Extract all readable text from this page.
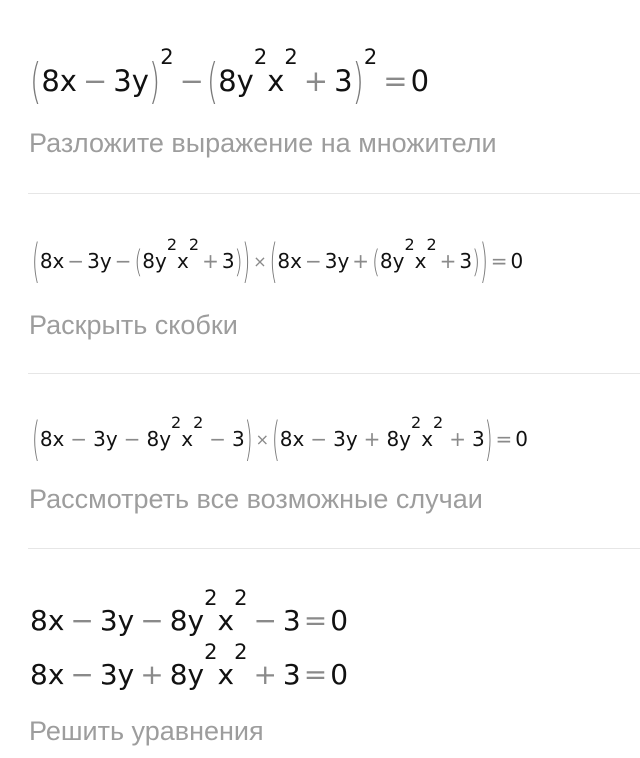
( 8x − 3y ) 2
− ( 8y
2
x
2
+ 3 ) 2
= 0
Разложите выражение на множители
( 8x − 3y − ( 8y
2
x
2
+ 3 ) ) × ( 8x − 3y + ( 8y
2
x
2
+ 3 ) ) = 0
Раскрыть скобки
( 8x − 3y − 8y
2
x
2
− 3 ) × ( 8x − 3y + 8y
2
x
2
+ 3 ) = 0
Рассмотреть все возможные случаи
8x − 3y − 8y
2
x
2
− 3 = 0
8x − 3y + 8y
2
x
2
+ 3 = 0
Решить уравнения
